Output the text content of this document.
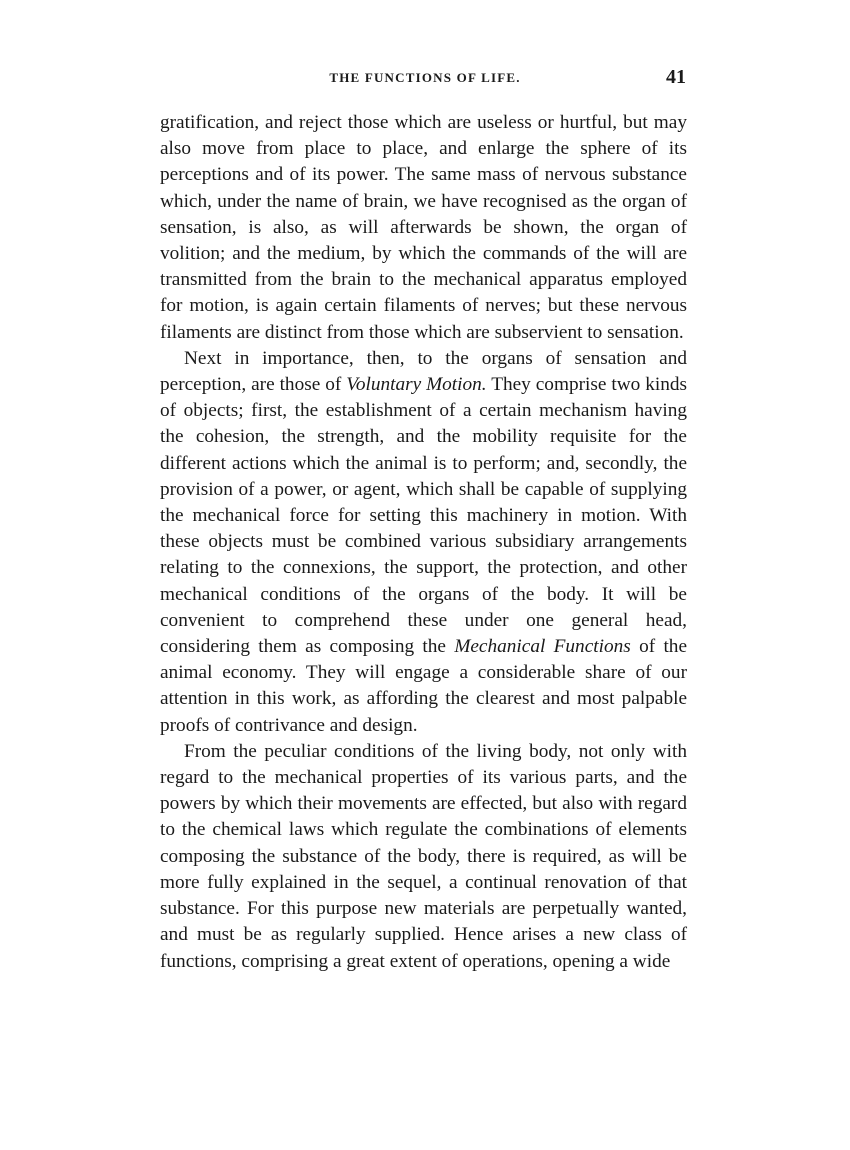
THE FUNCTIONS OF LIFE.	41

gratification, and reject those which are useless or hurtful, but may also move from place to place, and enlarge the sphere of its perceptions and of its power. The same mass of nervous substance which, under the name of brain, we have recognised as the organ of sensation, is also, as will afterwards be shown, the organ of volition; and the medium, by which the commands of the will are transmitted from the brain to the mechanical apparatus employed for motion, is again certain filaments of nerves; but these nervous filaments are distinct from those which are subservient to sensation.

Next in importance, then, to the organs of sensation and perception, are those of Voluntary Motion. They comprise two kinds of objects; first, the establishment of a certain mechanism having the cohesion, the strength, and the mobility requisite for the different actions which the animal is to perform; and, secondly, the provision of a power, or agent, which shall be capable of supplying the mechanical force for setting this machinery in motion. With these objects must be combined various subsidiary arrangements relating to the connexions, the support, the protection, and other mechanical conditions of the organs of the body. It will be convenient to comprehend these under one general head, considering them as composing the Mechanical Functions of the animal economy. They will engage a considerable share of our attention in this work, as affording the clearest and most palpable proofs of contrivance and design.

From the peculiar conditions of the living body, not only with regard to the mechanical properties of its various parts, and the powers by which their movements are effected, but also with regard to the chemical laws which regulate the combinations of elements composing the substance of the body, there is required, as will be more fully explained in the sequel, a continual renovation of that substance. For this purpose new materials are perpetually wanted, and must be as regularly supplied. Hence arises a new class of functions, comprising a great extent of operations, opening a wide
